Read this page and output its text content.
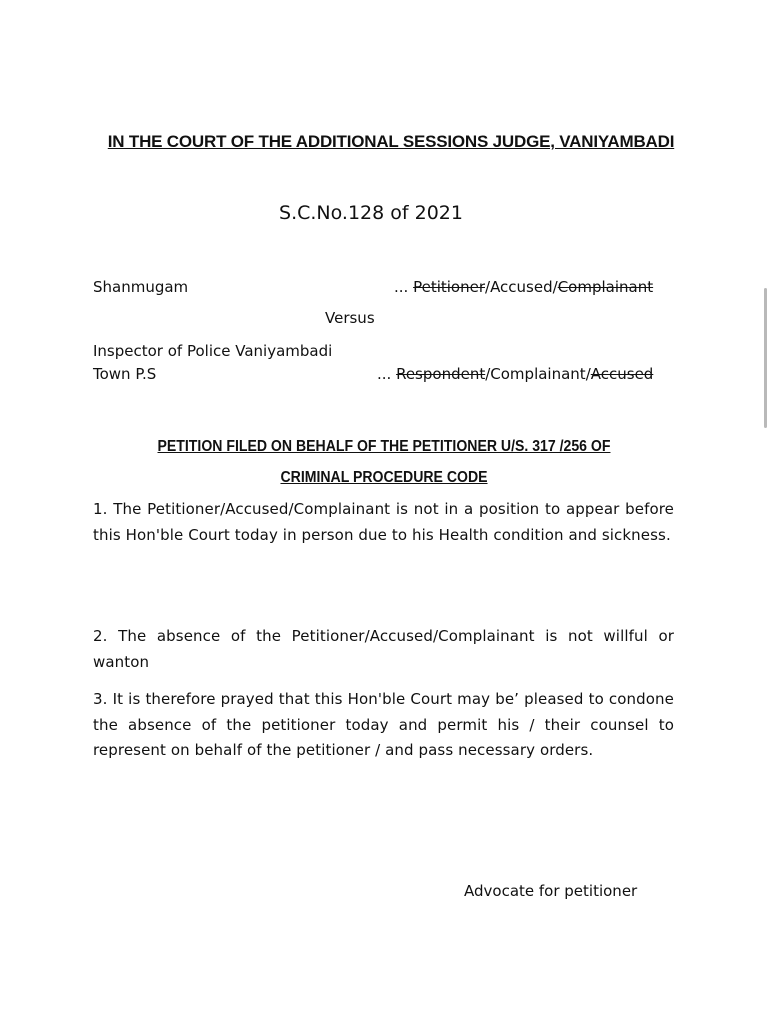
IN THE COURT OF THE ADDITIONAL SESSIONS JUDGE, VANIYAMBADI
S.C.No.128 of 2021
Shanmugam	... Petitioner/Accused/Complainant
Versus
Inspector of Police Vaniyambadi
Town P.S	... Respondent/Complainant/Accused
PETITION FILED ON BEHALF OF THE PETITIONER U/S. 317 /256 OF CRIMINAL PROCEDURE CODE
1. The Petitioner/Accused/Complainant is not in a position to appear before this Hon'ble Court today in person due to his Health condition and sickness.
2. The absence of the Petitioner/Accused/Complainant is not willful or wanton
3. It is therefore prayed that this Hon'ble Court may be’ pleased to condone the absence of the petitioner today and permit his / their counsel to represent on behalf of the petitioner / and pass necessary orders.
Advocate for petitioner
